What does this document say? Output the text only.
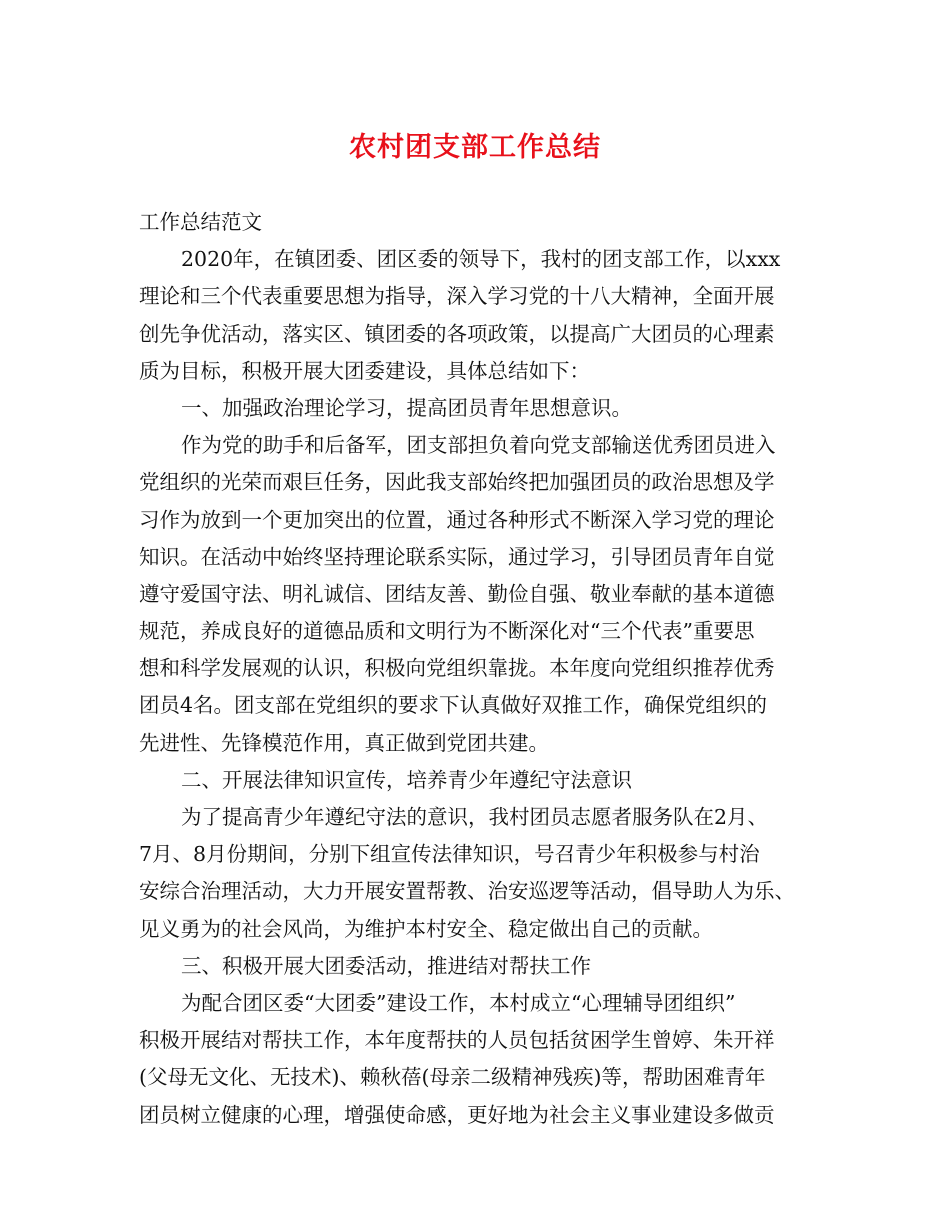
农村团支部工作总结
工作总结范文
2020年，在镇团委、团区委的领导下，我村的团支部工作，以xxx
理论和三个代表重要思想为指导，深入学习党的十八大精神，全面开展
创先争优活动，落实区、镇团委的各项政策，以提高广大团员的心理素
质为目标，积极开展大团委建设，具体总结如下：
一、加强政治理论学习，提高团员青年思想意识。
作为党的助手和后备军，团支部担负着向党支部输送优秀团员进入
党组织的光荣而艰巨任务，因此我支部始终把加强团员的政治思想及学
习作为放到一个更加突出的位置，通过各种形式不断深入学习党的理论
知识。在活动中始终坚持理论联系实际，通过学习，引导团员青年自觉
遵守爱国守法、明礼诚信、团结友善、勤俭自强、敬业奉献的基本道德
规范，养成良好的道德品质和文明行为不断深化对“三个代表”重要思
想和科学发展观的认识，积极向党组织靠拢。本年度向党组织推荐优秀
团员4名。团支部在党组织的要求下认真做好双推工作，确保党组织的
先进性、先锋模范作用，真正做到党团共建。
二、开展法律知识宣传，培养青少年遵纪守法意识
为了提高青少年遵纪守法的意识，我村团员志愿者服务队在2月、
7月、8月份期间，分别下组宣传法律知识，号召青少年积极参与村治
安综合治理活动，大力开展安置帮教、治安巡逻等活动，倡导助人为乐、
见义勇为的社会风尚，为维护本村安全、稳定做出自己的贡献。
三、积极开展大团委活动，推进结对帮扶工作
为配合团区委“大团委”建设工作，本村成立“心理辅导团组织”
积极开展结对帮扶工作，本年度帮扶的人员包括贫困学生曾婷、朱开祥
(父母无文化、无技术)、赖秋蓓(母亲二级精神残疾)等，帮助困难青年
团员树立健康的心理，增强使命感，更好地为社会主义事业建设多做贡
